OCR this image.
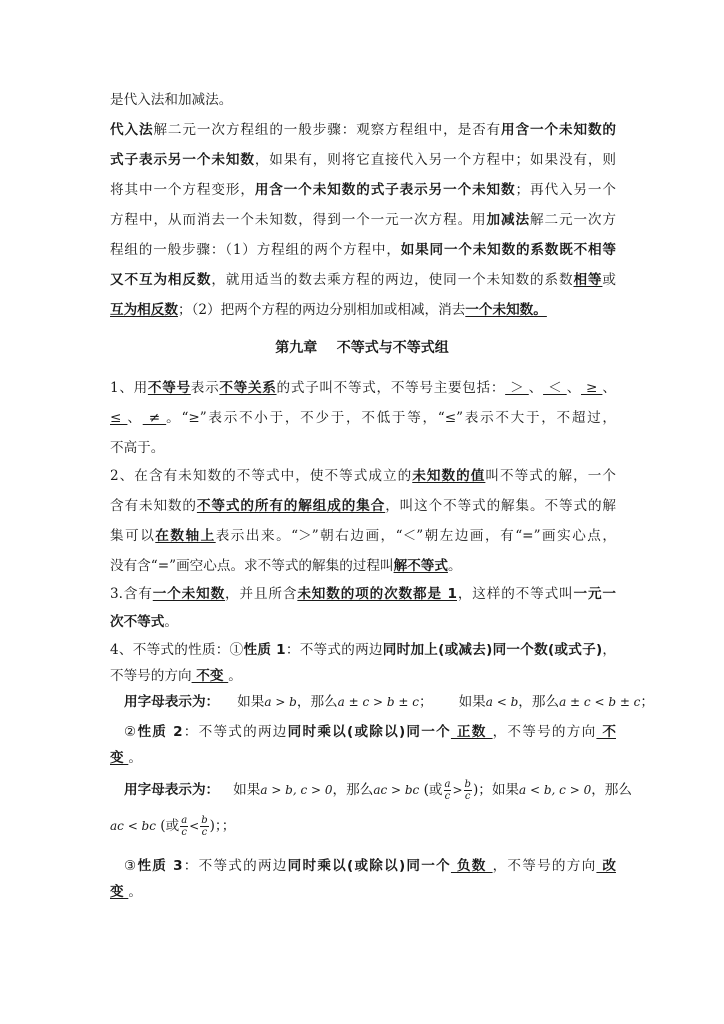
是代入法和加减法。
代入法解二元一次方程组的一般步骤：观察方程组中，是否有用含一个未知数的
式子表示另一个未知数，如果有，则将它直接代入另一个方程中；如果没有，则
将其中一个方程变形，用含一个未知数的式子表示另一个未知数；再代入另一个
方程中，从而消去一个未知数，得到一个一元一次方程。用加减法解二元一次方
程组的一般步骤：（1）方程组的两个方程中，如果同一个未知数的系数既不相等
又不互为相反数，就用适当的数去乘方程的两边，使同一个未知数的系数相等或
互为相反数；（2）把两个方程的两边分别相加或相减，消去一个未知数。
第九章    不等式与不等式组
1、用不等号表示不等关系的式子叫不等式，不等号主要包括： ＞ 、 ＜ 、 ≥ 、
≤ 、 ≠ 。“≥”表示不小于，不少于，不低于等，“≤”表示不大于，不超过，
不高于。
2、在含有未知数的不等式中，使不等式成立的未知数的值叫不等式的解，一个
含有未知数的不等式的所有的解组成的集合，叫这个不等式的解集。不等式的解
集可以在数轴上表示出来。“＞”朝右边画，“＜”朝左边画，有“=”画实心点，
没有含“=”画空心点。求不等式的解集的过程叫解不等式。
3.含有一个未知数，并且所含未知数的项的次数都是 1，这样的不等式叫一元一
次不等式。
4、不等式的性质：①性质 1：不等式的两边同时加上(或减去)同一个数(或式子)，
不等号的方向 不变 。
用字母表示为： 如果a > b，那么a ± c > b ± c； 如果a < b，那么a ± c < b ± c；
②性质 2：不等式的两边同时乘以(或除以)同一个 正数 ，不等号的方向 不
变 。
用字母表示为： 如果a > b, c > 0，那么ac > bc (或 $\frac{a}{c} > \frac{b}{c}$ )；如果a < b, c > 0，那么
ac < bc (或 $\frac{a}{c} < \frac{b}{c}$ )；；
③性质 3：不等式的两边同时乘以(或除以)同一个 负数 ，不等号的方向 改
变 。
